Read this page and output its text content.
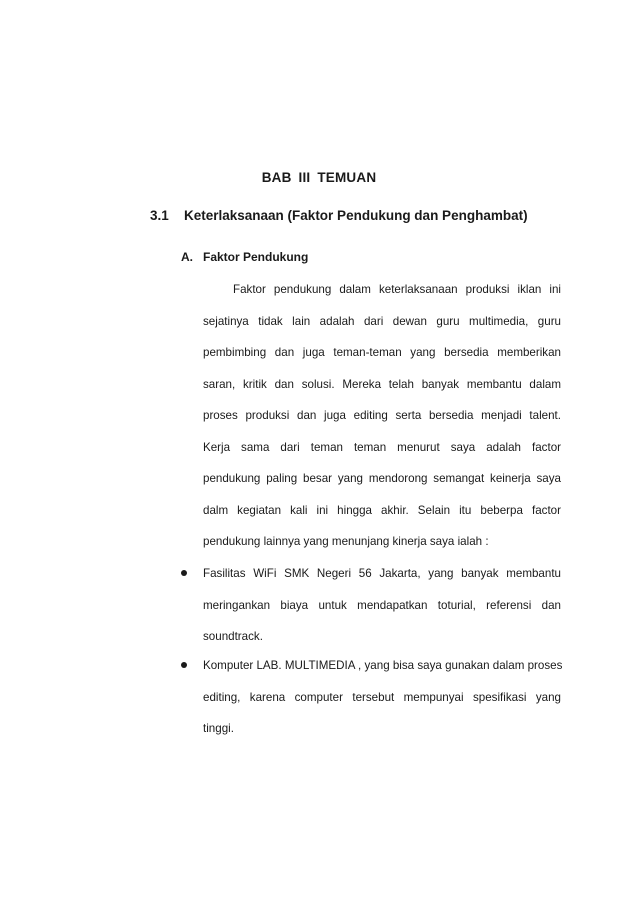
BAB III TEMUAN
3.1 Keterlaksanaan (Faktor Pendukung dan Penghambat)
A. Faktor Pendukung
Faktor pendukung dalam keterlaksanaan produksi iklan ini
sejatinya tidak lain adalah dari dewan guru multimedia, guru
pembimbing dan juga teman-teman yang bersedia memberikan
saran, kritik dan solusi. Mereka telah banyak membantu dalam
proses produksi dan juga editing serta bersedia menjadi talent.
Kerja sama dari teman teman menurut saya adalah factor
pendukung paling besar yang mendorong semangat keinerja saya
dalm kegiatan kali ini hingga akhir. Selain itu beberpa factor
pendukung lainnya yang menunjang kinerja saya ialah :
Fasilitas WiFi SMK Negeri 56 Jakarta, yang banyak membantu
meringankan biaya untuk mendapatkan toturial, referensi dan
soundtrack.
Komputer LAB. MULTIMEDIA , yang bisa saya gunakan dalam proses
editing, karena computer tersebut mempunyai spesifikasi yang
tinggi.
